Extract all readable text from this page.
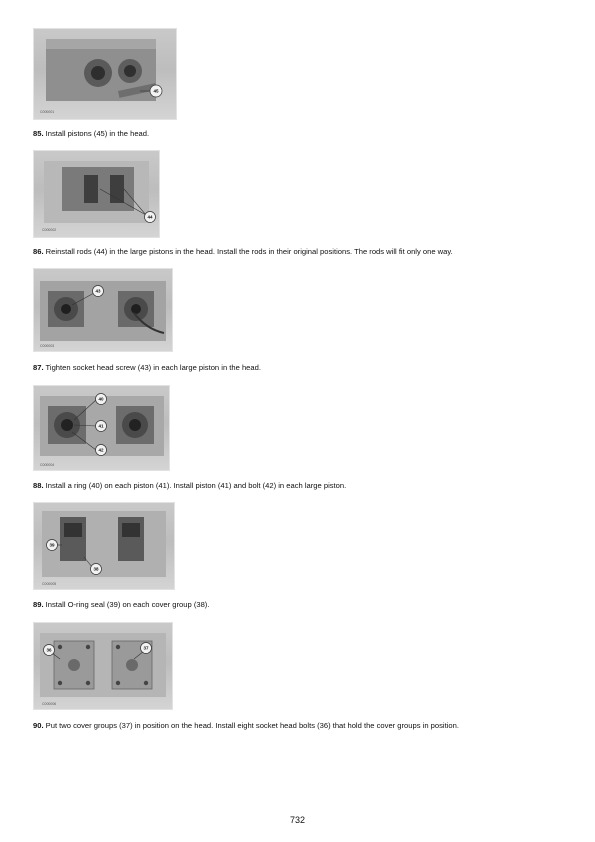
45
C000001
85. Install pistons (45) in the head.
44
C000002
86. Reinstall rods (44) in the large pistons in the head. Install the rods in their original positions. The rods will fit only one way.
43
C000003
87. Tighten socket head screw (43) in each large piston in the head.
40
41
42
C000004
88. Install a ring (40) on each piston (41). Install piston (41) and bolt (42) in each large piston.
39
38
C000005
89. Install O-ring seal (39) on each cover group (38).
36	37
C000006
90. Put two cover groups (37) in position on the head. Install eight socket head bolts (36) that hold the cover groups in position.
732
